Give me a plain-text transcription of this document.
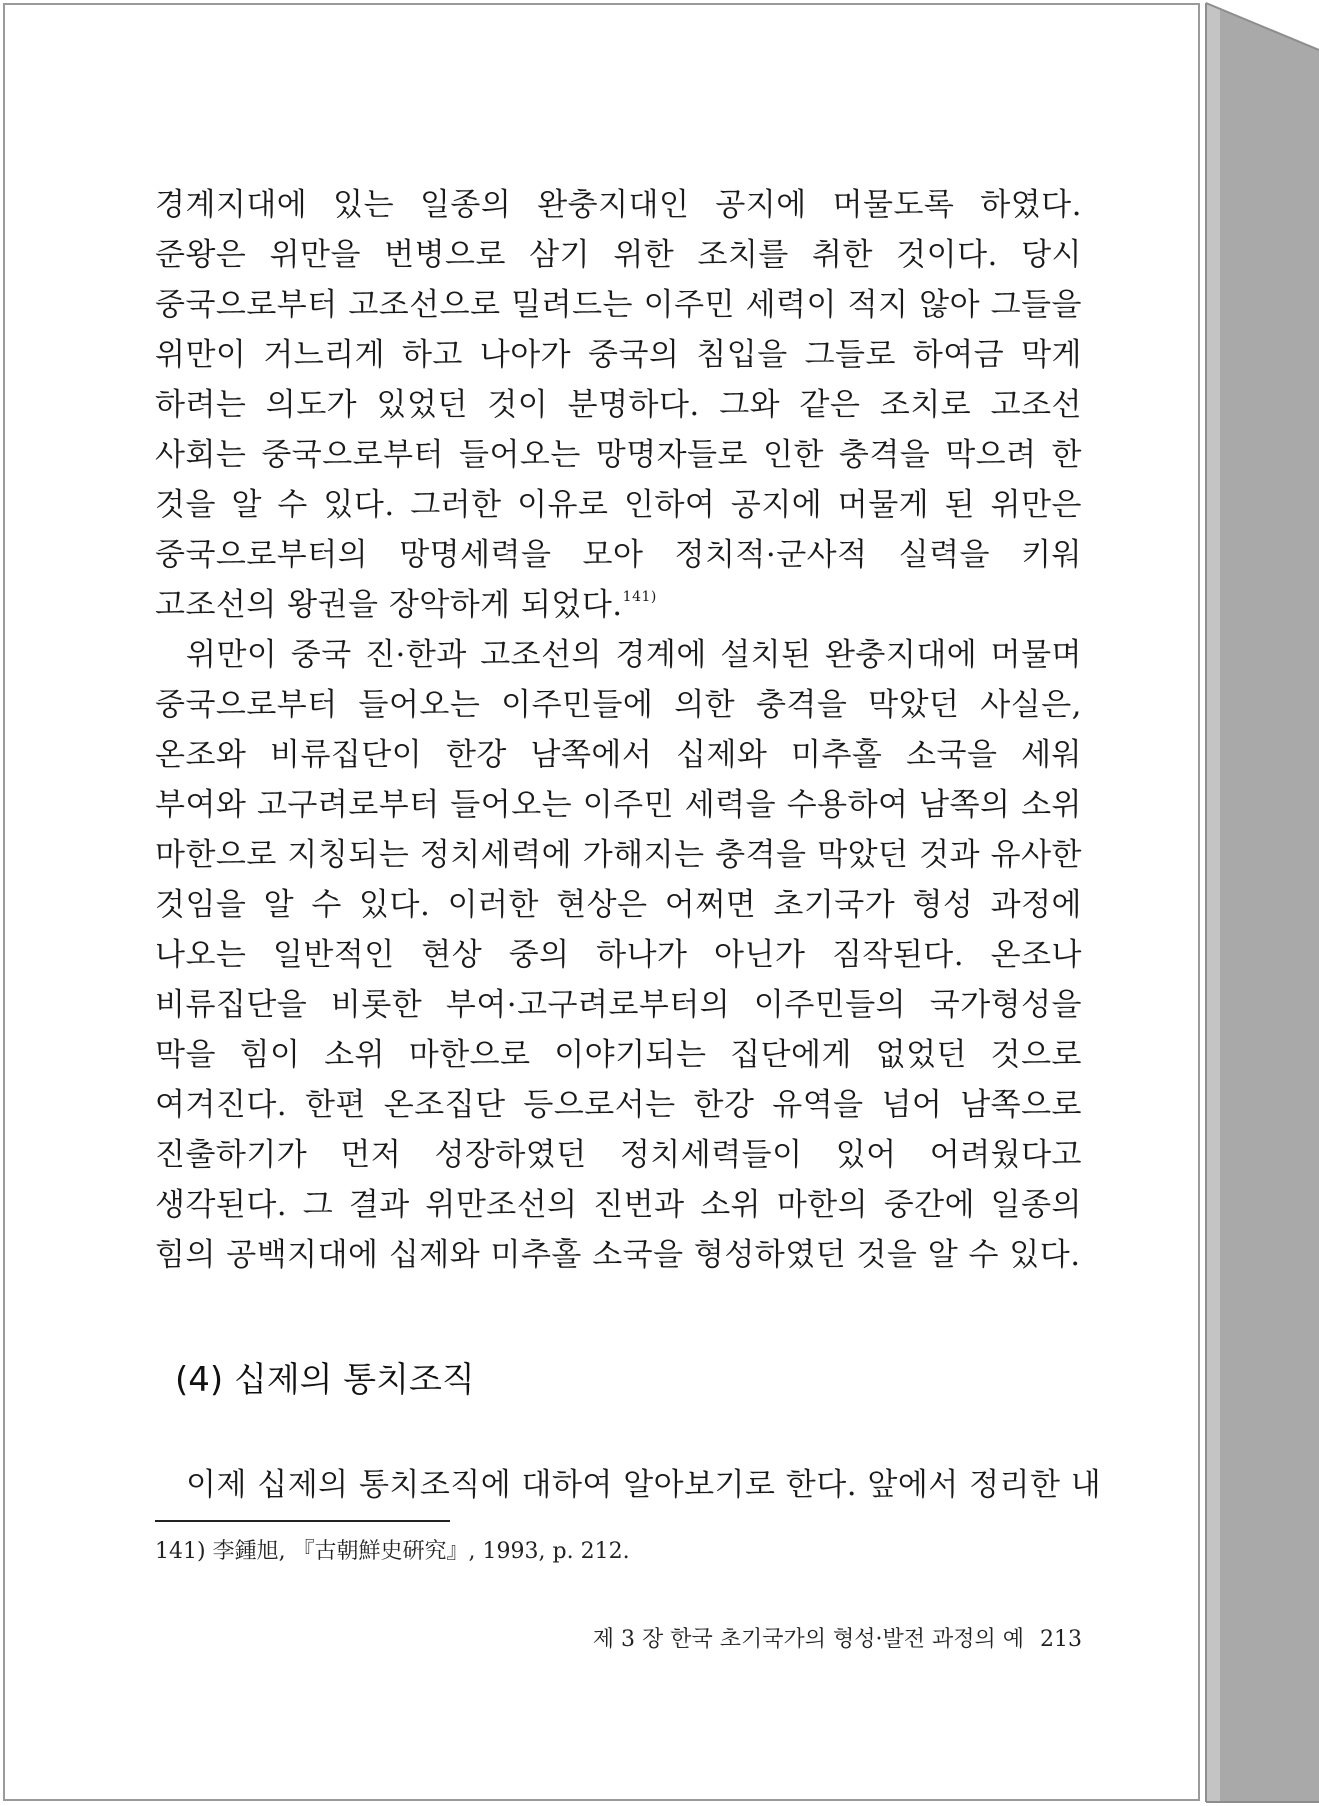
경계지대에 있는 일종의 완충지대인 공지에 머물도록 하였다. 준왕은 위만을 번병으로 삼기 위한 조치를 취한 것이다. 당시 중국으로부터 고조선으로 밀려드는 이주민 세력이 적지 않아 그들을 위만이 거느리게 하고 나아가 중국의 침입을 그들로 하여금 막게 하려는 의도가 있었던 것이 분명하다. 그와 같은 조치로 고조선 사회는 중국으로부터 들어오는 망명자들로 인한 충격을 막으려 한 것을 알 수 있다. 그러한 이유로 인하여 공지에 머물게 된 위만은 중국으로부터의 망명세력을 모아 정치적·군사적 실력을 키워 고조선의 왕권을 장악하게 되었다.$^{141)}$

위만이 중국 진·한과 고조선의 경계에 설치된 완충지대에 머물며 중국으로부터 들어오는 이주민들에 의한 충격을 막았던 사실은, 온조와 비류집단이 한강 남쪽에서 십제와 미추홀 소국을 세워 부여와 고구려로부터 들어오는 이주민 세력을 수용하여 남쪽의 소위 마한으로 지칭되는 정치세력에 가해지는 충격을 막았던 것과 유사한 것임을 알 수 있다. 이러한 현상은 어쩌면 초기국가 형성 과정에 나오는 일반적인 현상 중의 하나가 아닌가 짐작된다. 온조나 비류집단을 비롯한 부여·고구려로부터의 이주민들의 국가형성을 막을 힘이 소위 마한으로 이야기되는 집단에게 없었던 것으로 여겨진다. 한편 온조집단 등으로서는 한강 유역을 넘어 남쪽으로 진출하기가 먼저 성장하였던 정치세력들이 있어 어려웠다고 생각된다. 그 결과 위만조선의 진번과 소위 마한의 중간에 일종의 힘의 공백지대에 십제와 미추홀 소국을 형성하였던 것을 알 수 있다.

(4) 십제의 통치조직
이제 십제의 통치조직에 대하여 알아보기로 한다. 앞에서 정리한 내
141) 李鍾旭, 『古朝鮮史硏究』, 1993, p. 212.
제 3 장 한국 초기국가의 형성·발전 과정의 예 213
